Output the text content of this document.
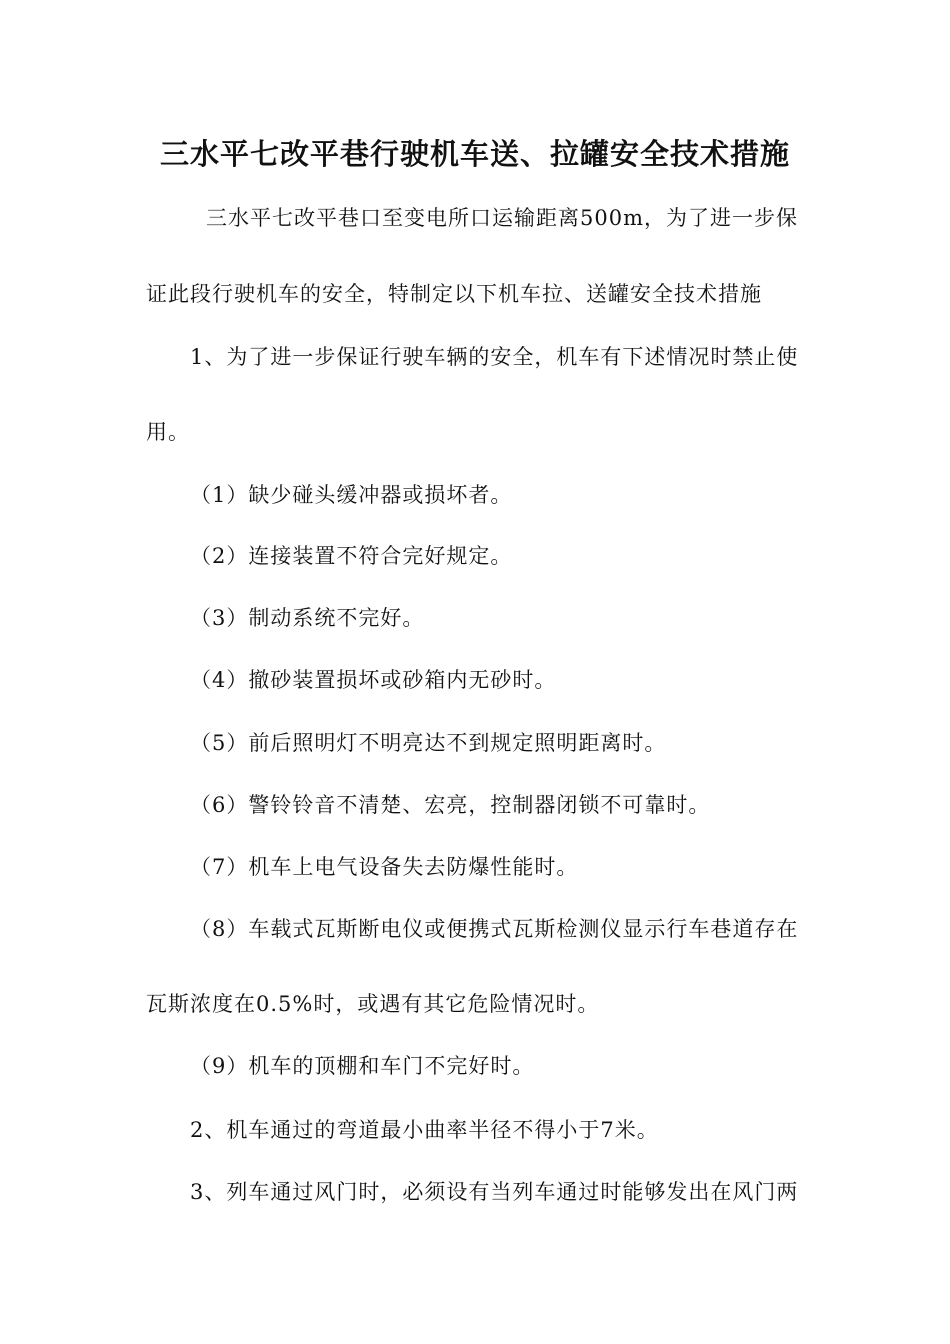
三水平七改平巷行驶机车送、拉罐安全技术措施
三水平七改平巷口至变电所口运输距离500m，为了进一步保
证此段行驶机车的安全，特制定以下机车拉、送罐安全技术措施
1、为了进一步保证行驶车辆的安全，机车有下述情况时禁止使
用。
（1）缺少碰头缓冲器或损坏者。
（2）连接装置不符合完好规定。
（3）制动系统不完好。
（4）撤砂装置损坏或砂箱内无砂时。
（5）前后照明灯不明亮达不到规定照明距离时。
（6）警铃铃音不清楚、宏亮，控制器闭锁不可靠时。
（7）机车上电气设备失去防爆性能时。
（8）车载式瓦斯断电仪或便携式瓦斯检测仪显示行车巷道存在
瓦斯浓度在0.5%时，或遇有其它危险情况时。
（9）机车的顶棚和车门不完好时。
2、机车通过的弯道最小曲率半径不得小于7米。
3、列车通过风门时，必须设有当列车通过时能够发出在风门两
